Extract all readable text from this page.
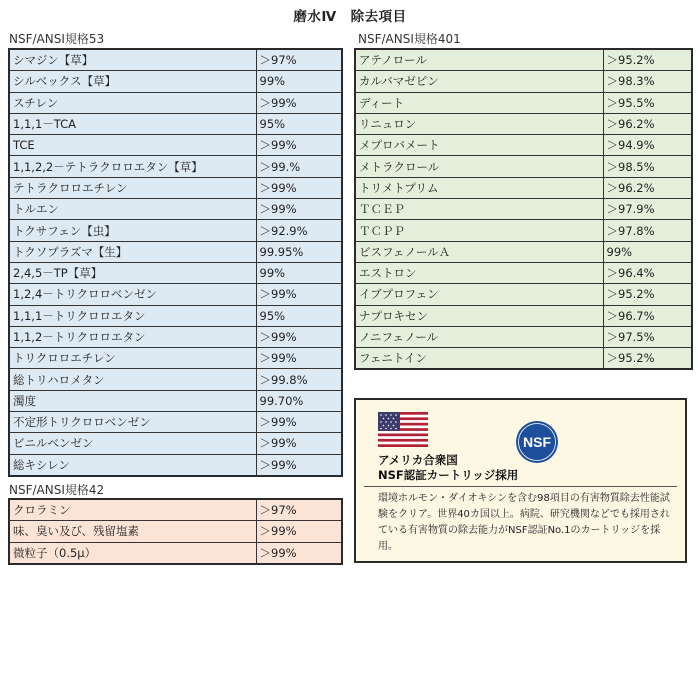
磨水Ⅳ　除去項目
NSF/ANSI規格53
シマジン【草】	＞97%
シルベックス【草】	99%
スチレン	＞99%
1,1,1－TCA	95%
TCE	＞99%
1,1,2,2－テトラクロロエタン【草】	＞99.%
テトラクロロエチレン	＞99%
トルエン	＞99%
トクサフェン【虫】	＞92.9%
トクソプラズマ【生】	99.95%
2,4,5－TP【草】	99%
1,2,4－トリクロロベンゼン	＞99%
1,1,1－トリクロロエタン	95%
1,1,2－トリクロロエタン	＞99%
トリクロロエチレン	＞99%
総トリハロメタン	＞99.8%
濁度	99.70%
不定形トリクロロベンゼン	＞99%
ビニルベンゼン	＞99%
総キシレン	＞99%
NSF/ANSI規格42
クロラミン	＞97%
味、臭い及び、残留塩素	＞99%
微粒子（0.5μ）	＞99%
NSF/ANSI規格401
アテノロール	＞95.2%
カルバマゼピン	＞98.3%
ディート	＞95.5%
リニュロン	＞96.2%
メプロバメート	＞94.9%
メトラクロール	＞98.5%
トリメトプリム	＞96.2%
ＴＣＥＰ	＞97.9%
ＴＣＰＰ	＞97.8%
ビスフェノールＡ	99%
エストロン	＞96.4%
イブプロフェン	＞95.2%
ナプロキセン	＞96.7%
ノニフェノール	＞97.5%
フェニトイン	＞95.2%
NSF
アメリカ合衆国
NSF認証カートリッジ採用
環境ホルモン・ダイオキシンを含む98項目の有害物質除去性能試験をクリア。世界40カ国以上。病院、研究機関などでも採用されている有害物質の除去能力がNSF認証No.1のカートリッジを採用。
